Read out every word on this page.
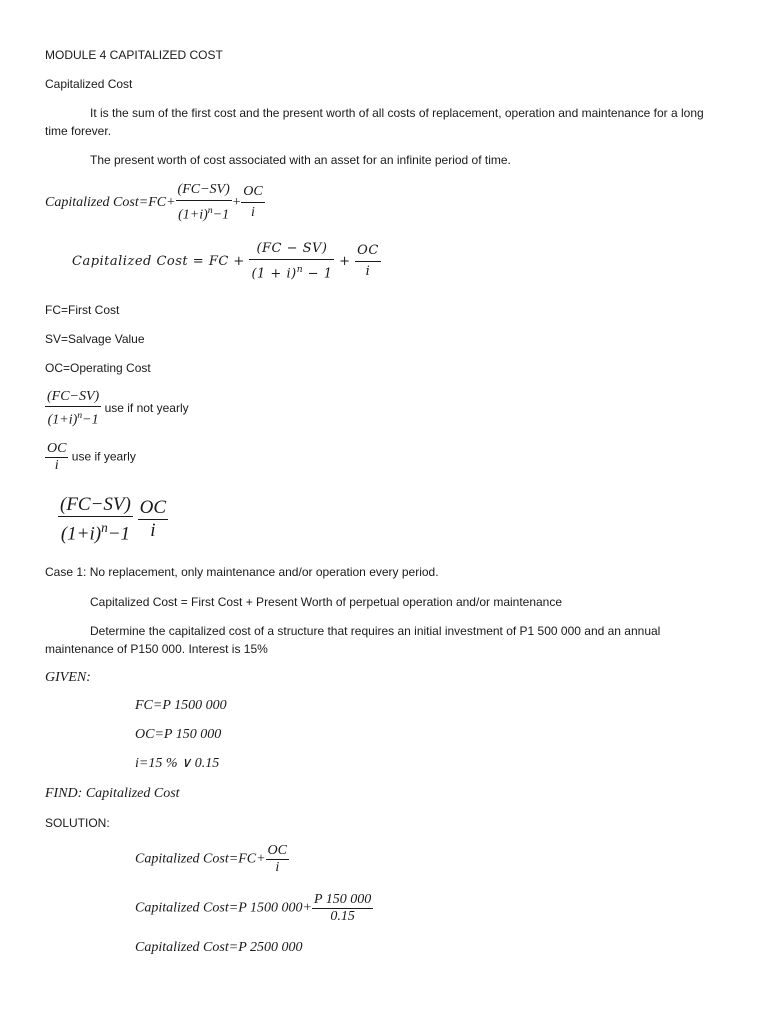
MODULE 4 CAPITALIZED COST
Capitalized Cost
It is the sum of the first cost and the present worth of all costs of replacement, operation and maintenance for a long time forever.
The present worth of cost associated with an asset for an infinite period of time.
Capitalized Cost=FC+ $\frac{(FC-SV)}{(1+i)^n-1} + \frac{OC}{i}$
Capitalized Cost = FC + $\frac{(FC - SV)}{(1 + i)^n - 1} + \frac{OC}{i}$
FC=First Cost
SV=Salvage Value
OC=Operating Cost
$\frac{(FC-SV)}{(1+i)^n-1}$ use if not yearly
$\frac{OC}{i}$ use if yearly
$\frac{(FC-SV)}{(1+i)^n-1}$
$\frac{OC}{i}$
Case 1: No replacement, only maintenance and/or operation every period.
Capitalized Cost = First Cost + Present Worth of perpetual operation and/or maintenance
Determine the capitalized cost of a structure that requires an initial investment of P1 500 000 and an annual maintenance of P150 000. Interest is 15%
GIVEN:
FC=P 1500 000
OC=P 150 000
i=15 % ∨ 0.15
FIND: Capitalized Cost
SOLUTION:
Capitalized Cost=FC+ $\frac{OC}{i}$
Capitalized Cost=P 1500 $000+ \frac{P 150 000}{0.15}$
Capitalized Cost=P 2500 000
